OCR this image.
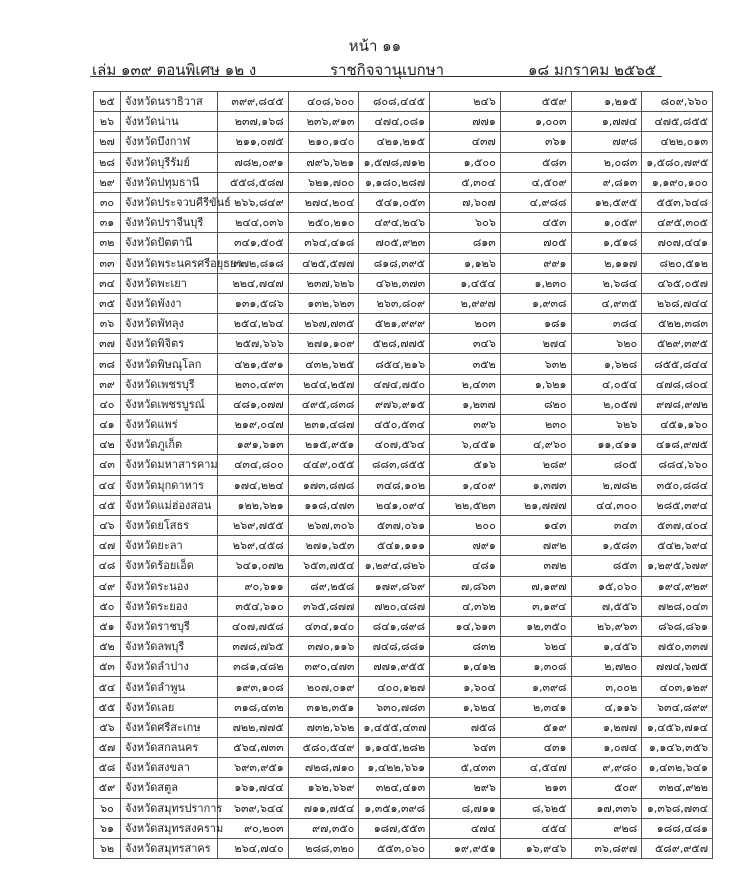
หน้า ๑๑
เล่ม ๑๓๙ ตอนพิเศษ ๑๒ ง	ราชกิจจานุเบกษา	๑๘ มกราคม ๒๕๖๕
๒๕	จังหวัดนราธิวาส	๓๙๙,๘๔๕	๔๐๘,๖๐๐	๘๐๘,๔๔๕	๒๔๖	๕๕๙	๑,๒๑๕	๘๐๙,๖๖๐
๒๖	จังหวัดน่าน	๒๓๗,๑๖๘	๒๓๖,๙๑๓	๔๗๔,๐๘๑	๗๗๑	๑,๐๐๓	๑,๗๗๔	๔๗๕,๘๕๕
๒๗	จังหวัดบึงกาฬ	๒๑๑,๐๗๕	๒๑๐,๑๔๐	๔๒๑,๒๑๕	๔๓๗	๓๖๑	๗๙๘	๔๒๒,๐๑๓
๒๘	จังหวัดบุรีรัมย์	๗๘๒,๐๙๑	๗๙๖,๖๒๑	๑,๕๗๘,๗๑๒	๑,๕๐๐	๕๘๓	๒,๐๘๓	๑,๕๘๐,๗๙๕
๒๙	จังหวัดปทุมธานี	๕๕๘,๕๘๗	๖๒๑,๗๐๐	๑,๑๘๐,๒๘๗	๕,๓๐๔	๔,๕๐๙	๙,๘๑๓	๑,๑๙๐,๑๐๐
๓๐	จังหวัดประจวบคีรีขันธ์	๒๖๖,๘๔๙	๒๗๔,๒๐๔	๕๔๑,๐๕๓	๗,๖๐๗	๔,๙๘๘	๑๒,๕๙๕	๕๕๓,๖๔๘
๓๑	จังหวัดปราจีนบุรี	๒๔๔,๐๓๖	๒๕๐,๒๑๐	๔๙๔,๒๔๖	๖๐๖	๔๕๓	๑,๐๕๙	๔๙๕,๓๐๕
๓๒	จังหวัดปัตตานี	๓๔๑,๕๐๕	๓๖๔,๔๑๘	๗๐๕,๙๒๓	๘๑๓	๗๐๕	๑,๕๑๘	๗๐๗,๔๔๑
๓๓	จังหวัดพระนครศรีอยุธยา	๓๗๒,๘๑๘	๔๒๕,๕๗๗	๘๑๘,๓๙๕	๑,๑๒๖	๙๙๑	๒,๑๑๗	๘๒๐,๕๑๒
๓๔	จังหวัดพะเยา	๒๒๔,๗๔๗	๒๓๗,๖๒๖	๔๖๒,๓๗๓	๑,๔๕๔	๑,๒๓๐	๒,๖๘๔	๔๖๕,๐๕๗
๓๕	จังหวัดพังงา	๑๓๑,๕๘๖	๑๓๒,๖๒๓	๒๖๓,๘๐๙	๒,๙๙๗	๑,๙๓๘	๔,๙๓๕	๒๖๘,๗๔๔
๓๖	จังหวัดพัทลุง	๒๕๔,๒๖๔	๒๖๗,๗๓๕	๕๒๑,๙๙๙	๒๐๓	๑๘๑	๓๘๔	๕๒๒,๓๘๓
๓๗	จังหวัดพิจิตร	๒๕๗,๖๖๖	๒๗๑,๑๐๙	๕๒๘,๗๗๕	๓๔๖	๒๗๔	๖๒๐	๕๒๙,๓๙๕
๓๘	จังหวัดพิษณุโลก	๔๒๑,๕๙๑	๔๓๒,๖๒๕	๘๕๔,๒๑๖	๓๕๒	๖๓๒	๑,๖๒๘	๘๕๕,๘๔๔
๓๙	จังหวัดเพชรบุรี	๒๓๐,๔๙๓	๒๔๔,๒๕๗	๔๗๔,๗๕๐	๒,๔๓๓	๑,๖๒๑	๔,๐๕๔	๔๗๘,๘๐๔
๔๐	จังหวัดเพชรบูรณ์	๔๘๑,๐๗๗	๔๙๕,๘๓๘	๙๗๖,๙๑๕	๑,๒๓๗	๘๒๐	๒,๐๕๗	๙๗๘,๙๗๒
๔๑	จังหวัดแพร่	๒๑๙,๐๔๗	๒๓๑,๔๘๗	๔๕๐,๕๓๔	๓๙๖	๒๓๐	๖๒๖	๔๕๑,๑๖๐
๔๒	จังหวัดภูเก็ต	๑๙๑,๖๑๓	๒๑๕,๙๕๑	๔๐๗,๕๖๔	๖,๔๕๑	๔,๙๖๐	๑๑,๔๑๑	๔๑๘,๙๗๕
๔๓	จังหวัดมหาสารคาม	๔๓๔,๘๐๐	๔๔๙,๐๕๕	๘๘๓,๘๕๕	๕๑๖	๒๘๙	๘๐๕	๘๘๔,๖๖๐
๔๔	จังหวัดมุกดาหาร	๑๗๔,๒๒๔	๑๗๓,๘๗๘	๓๔๘,๑๐๒	๑,๔๐๙	๑,๓๗๓	๒,๗๘๒	๓๕๐,๘๘๔
๔๕	จังหวัดแม่ฮ่องสอน	๑๒๒,๖๒๑	๑๑๘,๔๗๓	๒๔๑,๐๙๔	๒๒,๕๒๓	๒๑,๗๗๗	๔๔,๓๐๐	๒๘๕,๓๙๔
๔๖	จังหวัดยโสธร	๒๖๙,๗๕๕	๒๖๗,๓๐๖	๕๓๗,๐๖๑	๒๐๐	๑๔๓	๓๔๓	๕๓๗,๔๐๔
๔๗	จังหวัดยะลา	๒๖๙,๔๕๘	๒๗๑,๖๕๓	๕๔๑,๑๑๑	๗๙๑	๗๙๒	๑,๕๘๓	๕๔๒,๖๙๔
๔๘	จังหวัดร้อยเอ็ด	๖๔๑,๐๗๒	๖๕๓,๗๕๔	๑,๒๙๔,๘๒๖	๔๘๑	๓๗๒	๘๕๓	๑,๒๙๕,๖๗๙
๔๙	จังหวัดระนอง	๙๐,๖๑๑	๘๙,๒๕๘	๑๗๙,๘๖๙	๗,๘๖๓	๗,๑๙๗	๑๕,๐๖๐	๑๙๔,๙๒๙
๕๐	จังหวัดระยอง	๓๕๔,๖๑๐	๓๖๕,๘๗๗	๗๒๐,๔๘๗	๔,๓๖๒	๓,๑๙๔	๗,๕๕๖	๗๒๘,๐๔๓
๕๑	จังหวัดราชบุรี	๔๐๗,๗๕๘	๔๓๔,๑๔๐	๘๔๑,๘๙๘	๑๔,๖๑๓	๑๒,๓๕๐	๒๖,๙๖๓	๘๖๘,๘๖๑
๕๒	จังหวัดลพบุรี	๓๗๘,๗๖๕	๓๗๐,๑๑๖	๗๔๘,๘๘๑	๘๓๒	๖๒๔	๑,๔๕๖	๗๕๐,๓๓๗
๕๓	จังหวัดลำปาง	๓๘๑,๔๘๒	๓๙๐,๔๗๓	๗๗๑,๙๕๕	๑,๔๑๒	๑,๓๐๘	๒,๗๒๐	๗๗๔,๖๗๕
๕๔	จังหวัดลำพูน	๑๙๓,๑๐๘	๒๐๗,๐๑๙	๔๐๐,๑๒๗	๑,๖๐๔	๑,๓๙๘	๓,๐๐๒	๔๐๓,๑๒๙
๕๕	จังหวัดเลย	๓๑๘,๔๓๒	๓๑๒,๓๕๑	๖๓๐,๗๘๓	๑,๖๒๔	๒,๓๔๑	๔,๑๑๖	๖๓๔,๘๙๙
๕๖	จังหวัดศรีสะเกษ	๗๒๒,๗๗๕	๗๓๒,๖๖๒	๑,๔๕๕,๔๓๗	๗๕๘	๕๑๙	๑,๒๗๗	๑,๔๕๖,๗๑๔
๕๗	จังหวัดสกลนคร	๕๖๔,๗๓๓	๕๘๐,๕๔๙	๑,๑๔๕,๒๘๒	๖๔๓	๔๓๑	๑,๐๗๔	๑,๑๔๖,๓๕๖
๕๘	จังหวัดสงขลา	๖๙๓,๙๕๑	๗๒๘,๗๑๐	๑,๔๒๒,๖๖๑	๕,๔๓๓	๔,๕๔๗	๙,๙๘๐	๑,๔๓๒,๖๔๑
๕๙	จังหวัดสตูล	๑๖๑,๗๔๔	๑๖๒,๖๖๙	๓๒๔,๔๑๓	๒๙๖	๒๑๓	๕๐๙	๓๒๔,๙๒๒
๖๐	จังหวัดสมุทรปราการ	๖๓๙,๖๔๔	๗๑๑,๗๕๔	๑,๓๕๑,๓๙๘	๘,๗๑๑	๘,๖๒๕	๑๗,๓๓๖	๑,๓๖๘,๗๓๔
๖๑	จังหวัดสมุทรสงคราม	๙๐,๒๐๓	๙๗,๓๕๐	๑๘๗,๕๕๓	๔๗๔	๔๕๔	๙๒๘	๑๘๘,๔๘๑
๖๒	จังหวัดสมุทรสาคร	๒๖๔,๗๔๐	๒๘๘,๓๒๐	๕๕๓,๐๖๐	๑๙,๙๕๑	๑๖,๙๔๖	๓๖,๘๙๗	๕๘๙,๙๕๗
